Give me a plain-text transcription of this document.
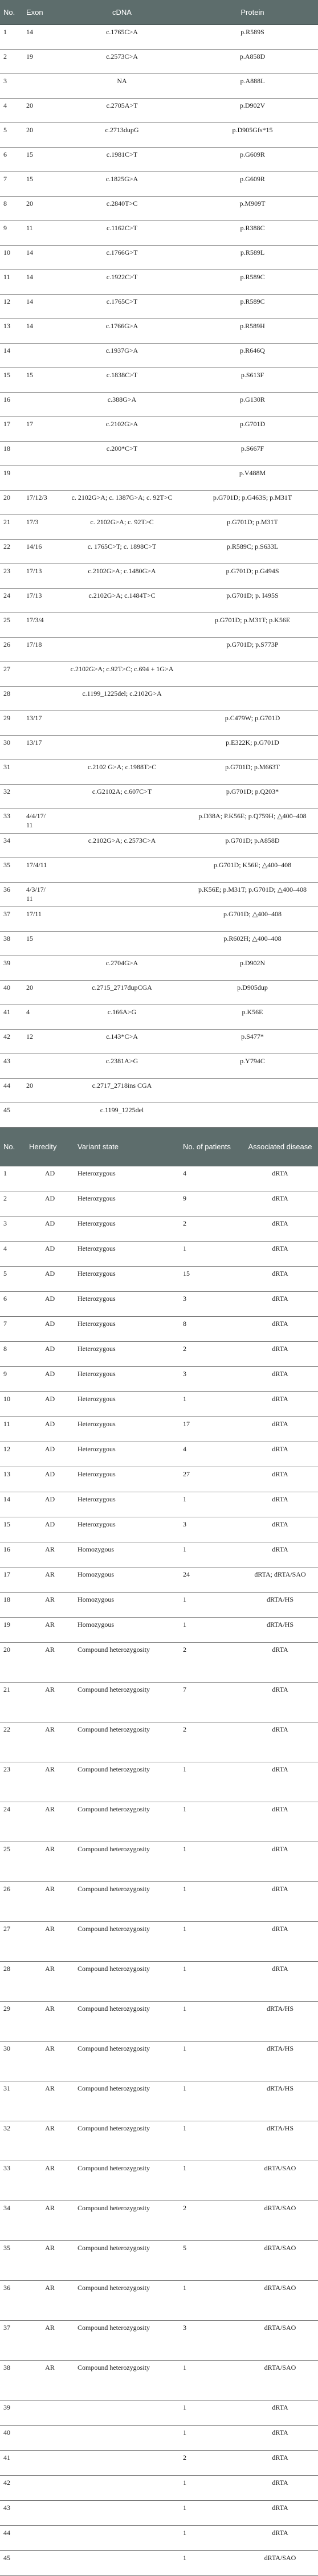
No.	Exon	cDNA	Protein
1	14	c.1765C>A	p.R589S
2	19	c.2573C>A	p.A858D
3		NA	p.A888L
4	20	c.2705A>T	p.D902V
5	20	c.2713dupG	p.D905Gfs*15
6	15	c.1981C>T	p.G609R
7	15	c.1825G>A	p.G609R
8	20	c.2840T>C	p.M909T
9	11	c.1162C>T	p.R388C
10	14	c.1766G>T	p.R589L
11	14	c.1922C>T	p.R589C
12	14	c.1765C>T	p.R589C
13	14	c.1766G>A	p.R589H
14		c.1937G>A	p.R646Q
15	15	c.1838C>T	p.S613F
16		c.388G>A	p.G130R
17	17	c.2102G>A	p.G701D
18		c.200*C>T	p.S667F
19			p.V488M
20	17/12/3	c. 2102G>A; c. 1387G>A; c. 92T>C	p.G701D; p.G463S; p.M31T
21	17/3	c. 2102G>A; c. 92T>C	p.G701D; p.M31T
22	14/16	c. 1765C>T; c. 1898C>T	p.R589C; p.S633L
23	17/13	c.2102G>A; c.1480G>A	p.G701D; p.G494S
24	17/13	c.2102G>A; c.1484T>C	p.G701D; p. I495S
25	17/3/4		p.G701D; p.M31T; p.K56E
26	17/18		p.G701D; p.S773P
27		c.2102G>A; c.92T>C; c.694 + 1G>A	
28		c.1199_1225del; c.2102G>A	
29	13/17		p.C479W; p.G701D
30	13/17		p.E322K; p.G701D
31		c.2102 G>A; c.1988T>C	p.G701D; p.M663T
32		c.G2102A; c.607C>T	p.G701D; p.Q203*
33	4/4/17/ 11		p.D38A; P.K56E; p.Q759H; △400–408
34		c.2102G>A; c.2573C>A	p.G701D; p.A858D
35	17/4/11		p.G701D; K56E; △400–408
36	4/3/17/ 11		p.K56E; p.M31T; p.G701D; △400–408
37	17/11		p.G701D; △400–408
38	15		p.R602H; △400–408
39		c.2704G>A	p.D902N
40	20	c.2715_2717dupCGA	p.D905dup
41	4	c.166A>G	p.K56E
42	12	c.143*C>A	p.S477*
43		c.2381A>G	p.Y794C
44	20	c.2717_2718ins CGA	
45		c.1199_1225del	
No.	Heredity	Variant state	No. of patients	Associated disease
1	AD	Heterozygous	4	dRTA
2	AD	Heterozygous	9	dRTA
3	AD	Heterozygous	2	dRTA
4	AD	Heterozygous	1	dRTA
5	AD	Heterozygous	15	dRTA
6	AD	Heterozygous	3	dRTA
7	AD	Heterozygous	8	dRTA
8	AD	Heterozygous	2	dRTA
9	AD	Heterozygous	3	dRTA
10	AD	Heterozygous	1	dRTA
11	AD	Heterozygous	17	dRTA
12	AD	Heterozygous	4	dRTA
13	AD	Heterozygous	27	dRTA
14	AD	Heterozygous	1	dRTA
15	AD	Heterozygous	3	dRTA
16	AR	Homozygous	1	dRTA
17	AR	Homozygous	24	dRTA; dRTA/SAO
18	AR	Homozygous	1	dRTA/HS
19	AR	Homozygous	1	dRTA/HS
20	AR	Compound heterozygosity	2	dRTA
21	AR	Compound heterozygosity	7	dRTA
22	AR	Compound heterozygosity	2	dRTA
23	AR	Compound heterozygosity	1	dRTA
24	AR	Compound heterozygosity	1	dRTA
25	AR	Compound heterozygosity	1	dRTA
26	AR	Compound heterozygosity	1	dRTA
27	AR	Compound heterozygosity	1	dRTA
28	AR	Compound heterozygosity	1	dRTA
29	AR	Compound heterozygosity	1	dRTA/HS
30	AR	Compound heterozygosity	1	dRTA/HS
31	AR	Compound heterozygosity	1	dRTA/HS
32	AR	Compound heterozygosity	1	dRTA/HS
33	AR	Compound heterozygosity	1	dRTA/SAO
34	AR	Compound heterozygosity	2	dRTA/SAO
35	AR	Compound heterozygosity	5	dRTA/SAO
36	AR	Compound heterozygosity	1	dRTA/SAO
37	AR	Compound heterozygosity	3	dRTA/SAO
38	AR	Compound heterozygosity	1	dRTA/SAO
39			1	dRTA
40			1	dRTA
41			2	dRTA
42			1	dRTA
43			1	dRTA
44			1	dRTA
45			1	dRTA/SAO
